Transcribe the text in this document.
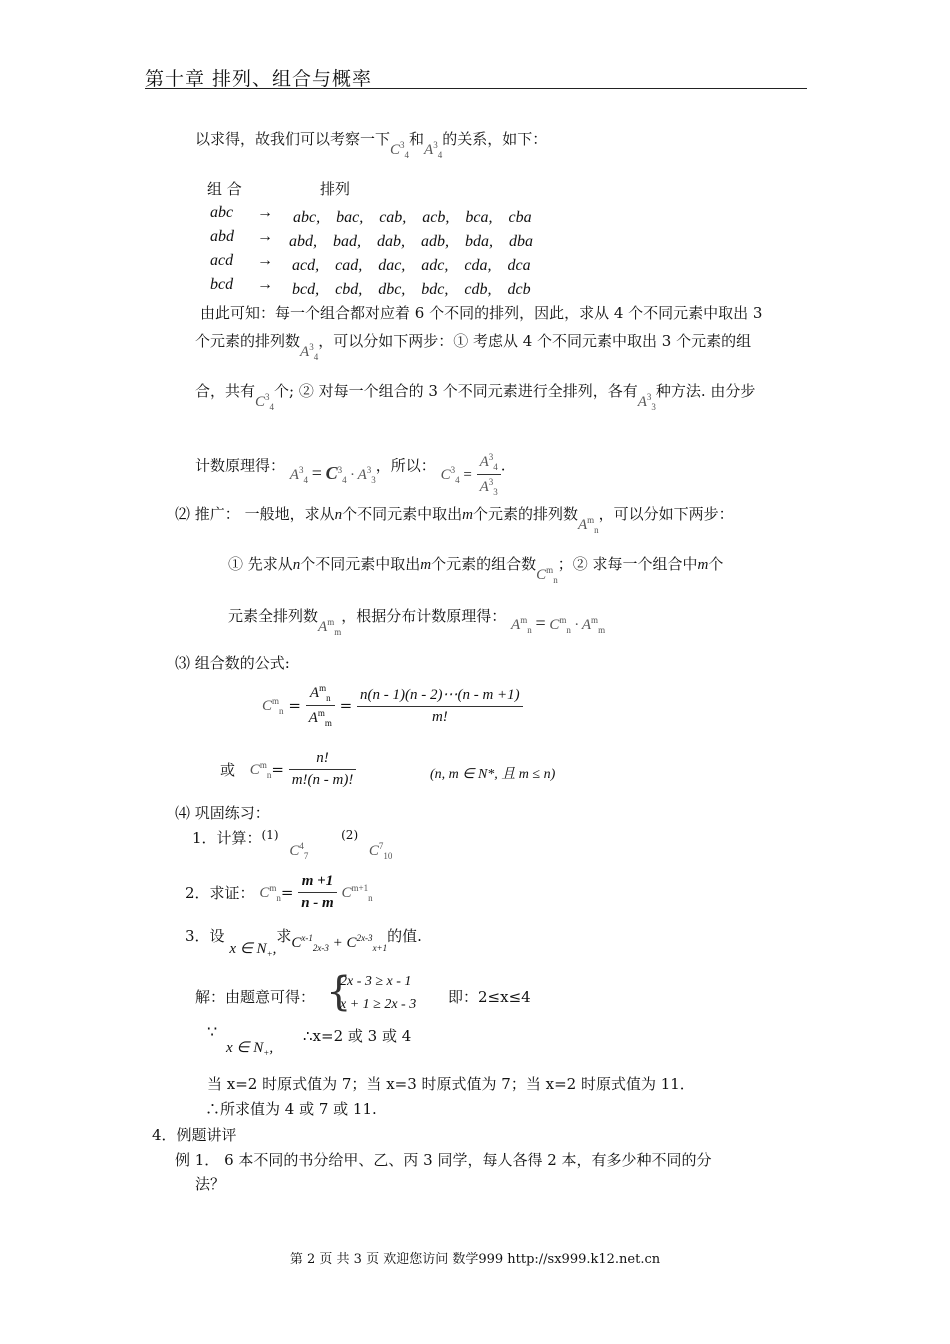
第十章 排列、组合与概率
以求得，故我们可以考察一下$C^3_4$和$A^3_4$的关系，如下：
组 合	排列
abc → abc,　bac,　cab,　acb,　bca,　cba
abd → abd,　bad,　dab,　adb,　bda,　dba
acd → acd,　cad,　dac,　adc,　cda,　dca
bcd → bcd,　cbd,　dbc,　bdc,　cdb,　dcb
由此可知：每一个组合都对应着 6 个不同的排列，因此，求从 4 个不同元素中取出 3
个元素的排列数$A^3_4$，可以分如下两步：① 考虑从 4 个不同元素中取出 3 个元素的组
合，共有$C^3_4$个; ② 对每一个组合的 3 个不同元素进行全排列，各有$A^3_3$种方法. 由分步
计数原理得： $A^3_4 = C^3_4 \cdot A^3_3$，所以： $C^3_4 = \frac{A^3_4}{A^3_3}$ .
⑵ 推广： 一般地，求从n个不同元素中取出m个元素的排列数$A^m_n$，可以分如下两步：
① 先求从n个不同元素中取出m个元素的组合数$C^m_n$；② 求每一个组合中m个
元素全排列数$A^m_m$，根据分布计数原理得： $A^m_n = C^m_n \cdot A^m_m$
⑶ 组合数的公式:
$C^m_n = \frac{A^m_n}{A^m_m} = \frac{n(n - 1)(n - 2)\cdots(n - m +1)}{m!}$
或 $C^m_n= \frac{n!}{m!(n - m)!}$	(n, m ∈ N*, 且 m ≤ n)
⑷ 巩固练习：
1．计算：$^{(1)}$ $C^4_7$ $^{(2)}$ $C^7_{10}$
2．求证： $C^m_n= \frac{m +1}{n - m} C^{m+1}_n$
3．设 x ∈ $N_+$,求$C^{x-1}_{2x-3} + C^{2x-3}_{x+1}$的值.
解：由题意可得： {
2x - 3 ≥ x - 1
x + 1 ≥ 2x - 3 即：2≤x≤4
∵
x ∈ $N_+$,
∴x=2 或 3 或 4
当 x=2 时原式值为 7；当 x=3 时原式值为 7；当 x=2 时原式值为 11．
∴所求值为 4 或 7 或 11.
4．例题讲评
例 1． 6 本不同的书分给甲、乙、丙 3 同学，每人各得 2 本，有多少种不同的分
法？
第 2 页 共 3 页 欢迎您访问 数学999 http://sx999.k12.net.cn
